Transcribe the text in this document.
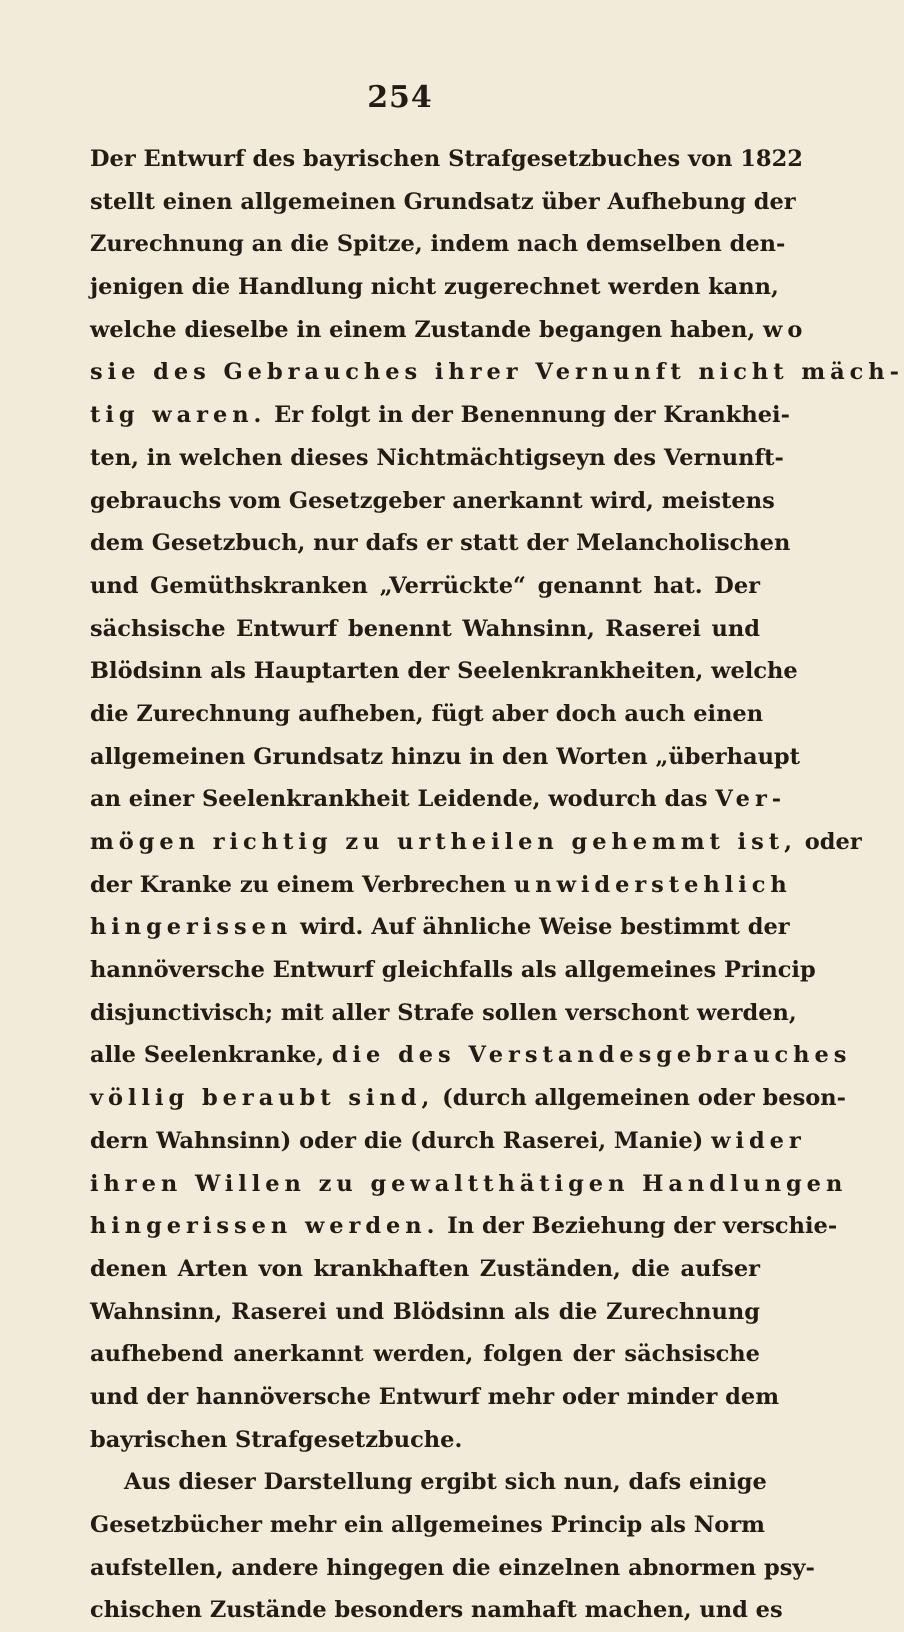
254
Der Entwurf des bayrischen Strafgesetzbuches von 1822
stellt einen allgemeinen Grundsatz über Aufhebung der
Zurechnung an die Spitze, indem nach demselben den-
jenigen die Handlung nicht zugerechnet werden kann,
welche dieselbe in einem Zustande begangen haben, wo
sie des Gebrauches ihrer Vernunft nicht mäch-
tig waren. Er folgt in der Benennung der Krankhei-
ten, in welchen dieses Nichtmächtigseyn des Vernunft-
gebrauchs vom Gesetzgeber anerkannt wird, meistens
dem Gesetzbuch, nur dafs er statt der Melancholischen
und Gemüthskranken „Verrückte“ genannt hat. Der
sächsische Entwurf benennt Wahnsinn, Raserei und
Blödsinn als Hauptarten der Seelenkrankheiten, welche
die Zurechnung aufheben, fügt aber doch auch einen
allgemeinen Grundsatz hinzu in den Worten „überhaupt
an einer Seelenkrankheit Leidende, wodurch das Ver-
mögen richtig zu urtheilen gehemmt ist, oder
der Kranke zu einem Verbrechen unwiderstehlich
hingerissen wird. Auf ähnliche Weise bestimmt der
hannöversche Entwurf gleichfalls als allgemeines Princip
disjunctivisch; mit aller Strafe sollen verschont werden,
alle Seelenkranke, die des Verstandesgebrauches
völlig beraubt sind, (durch allgemeinen oder beson-
dern Wahnsinn) oder die (durch Raserei, Manie) wider
ihren Willen zu gewaltthätigen Handlungen
hingerissen werden. In der Beziehung der verschie-
denen Arten von krankhaften Zuständen, die aufser
Wahnsinn, Raserei und Blödsinn als die Zurechnung
aufhebend anerkannt werden, folgen der sächsische
und der hannöversche Entwurf mehr oder minder dem
bayrischen Strafgesetzbuche.
Aus dieser Darstellung ergibt sich nun, dafs einige
Gesetzbücher mehr ein allgemeines Princip als Norm
aufstellen, andere hingegen die einzelnen abnormen psy-
chischen Zustände besonders namhaft machen, und es
